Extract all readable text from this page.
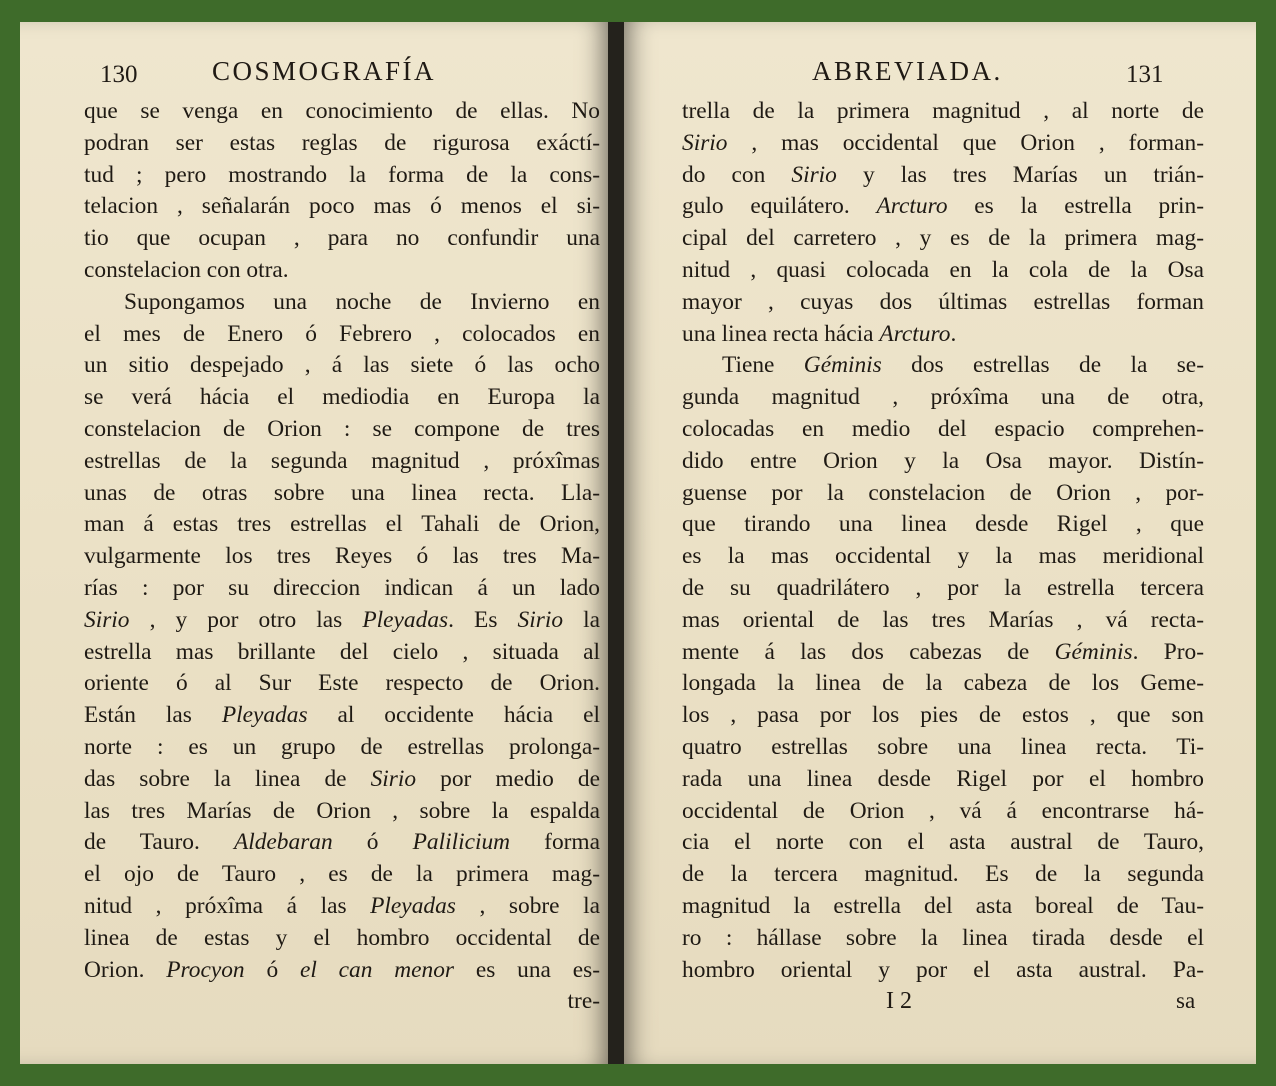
130	COSMOGRAFÍA
que se venga en conocimiento de ellas. No
podran ser estas reglas de rigurosa exáctí-
tud ; pero mostrando la forma de la cons-
telacion , señalarán poco mas ó menos el si-
tio que ocupan , para no confundir una
constelacion con otra.
Supongamos una noche de Invierno en
el mes de Enero ó Febrero , colocados en
un sitio despejado , á las siete ó las ocho
se verá hácia el mediodia en Europa la
constelacion de Orion : se compone de tres
estrellas de la segunda magnitud , próxîmas
unas de otras sobre una linea recta. Lla-
man á estas tres estrellas el Tahali de Orion,
vulgarmente los tres Reyes ó las tres Ma-
rías : por su direccion indican á un lado
Sirio , y por otro las Pleyadas. Es Sirio la
estrella mas brillante del cielo , situada al
oriente ó al Sur Este respecto de Orion.
Están las Pleyadas al occidente hácia el
norte : es un grupo de estrellas prolonga-
das sobre la linea de Sirio por medio de
las tres Marías de Orion , sobre la espalda
de Tauro. Aldebaran ó Palilicium forma
el ojo de Tauro , es de la primera mag-
nitud , próxîma á las Pleyadas , sobre la
linea de estas y el hombro occidental de
Orion. Procyon ó el can menor es una es-
tre-
ABREVIADA.	131
trella de la primera magnitud , al norte de
Sirio , mas occidental que Orion , forman-
do con Sirio y las tres Marías un trián-
gulo equilátero. Arcturo es la estrella prin-
cipal del carretero , y es de la primera mag-
nitud , quasi colocada en la cola de la Osa
mayor , cuyas dos últimas estrellas forman
una linea recta hácia Arcturo.
Tiene Géminis dos estrellas de la se-
gunda magnitud , próxîma una de otra,
colocadas en medio del espacio comprehen-
dido entre Orion y la Osa mayor. Distín-
guense por la constelacion de Orion , por-
que tirando una linea desde Rigel , que
es la mas occidental y la mas meridional
de su quadrilátero , por la estrella tercera
mas oriental de las tres Marías , vá recta-
mente á las dos cabezas de Géminis. Pro-
longada la linea de la cabeza de los Geme-
los , pasa por los pies de estos , que son
quatro estrellas sobre una linea recta. Ti-
rada una linea desde Rigel por el hombro
occidental de Orion , vá á encontrarse há-
cia el norte con el asta austral de Tauro,
de la tercera magnitud. Es de la segunda
magnitud la estrella del asta boreal de Tau-
ro : hállase sobre la linea tirada desde el
hombro oriental y por el asta austral. Pa-
I 2	sa
